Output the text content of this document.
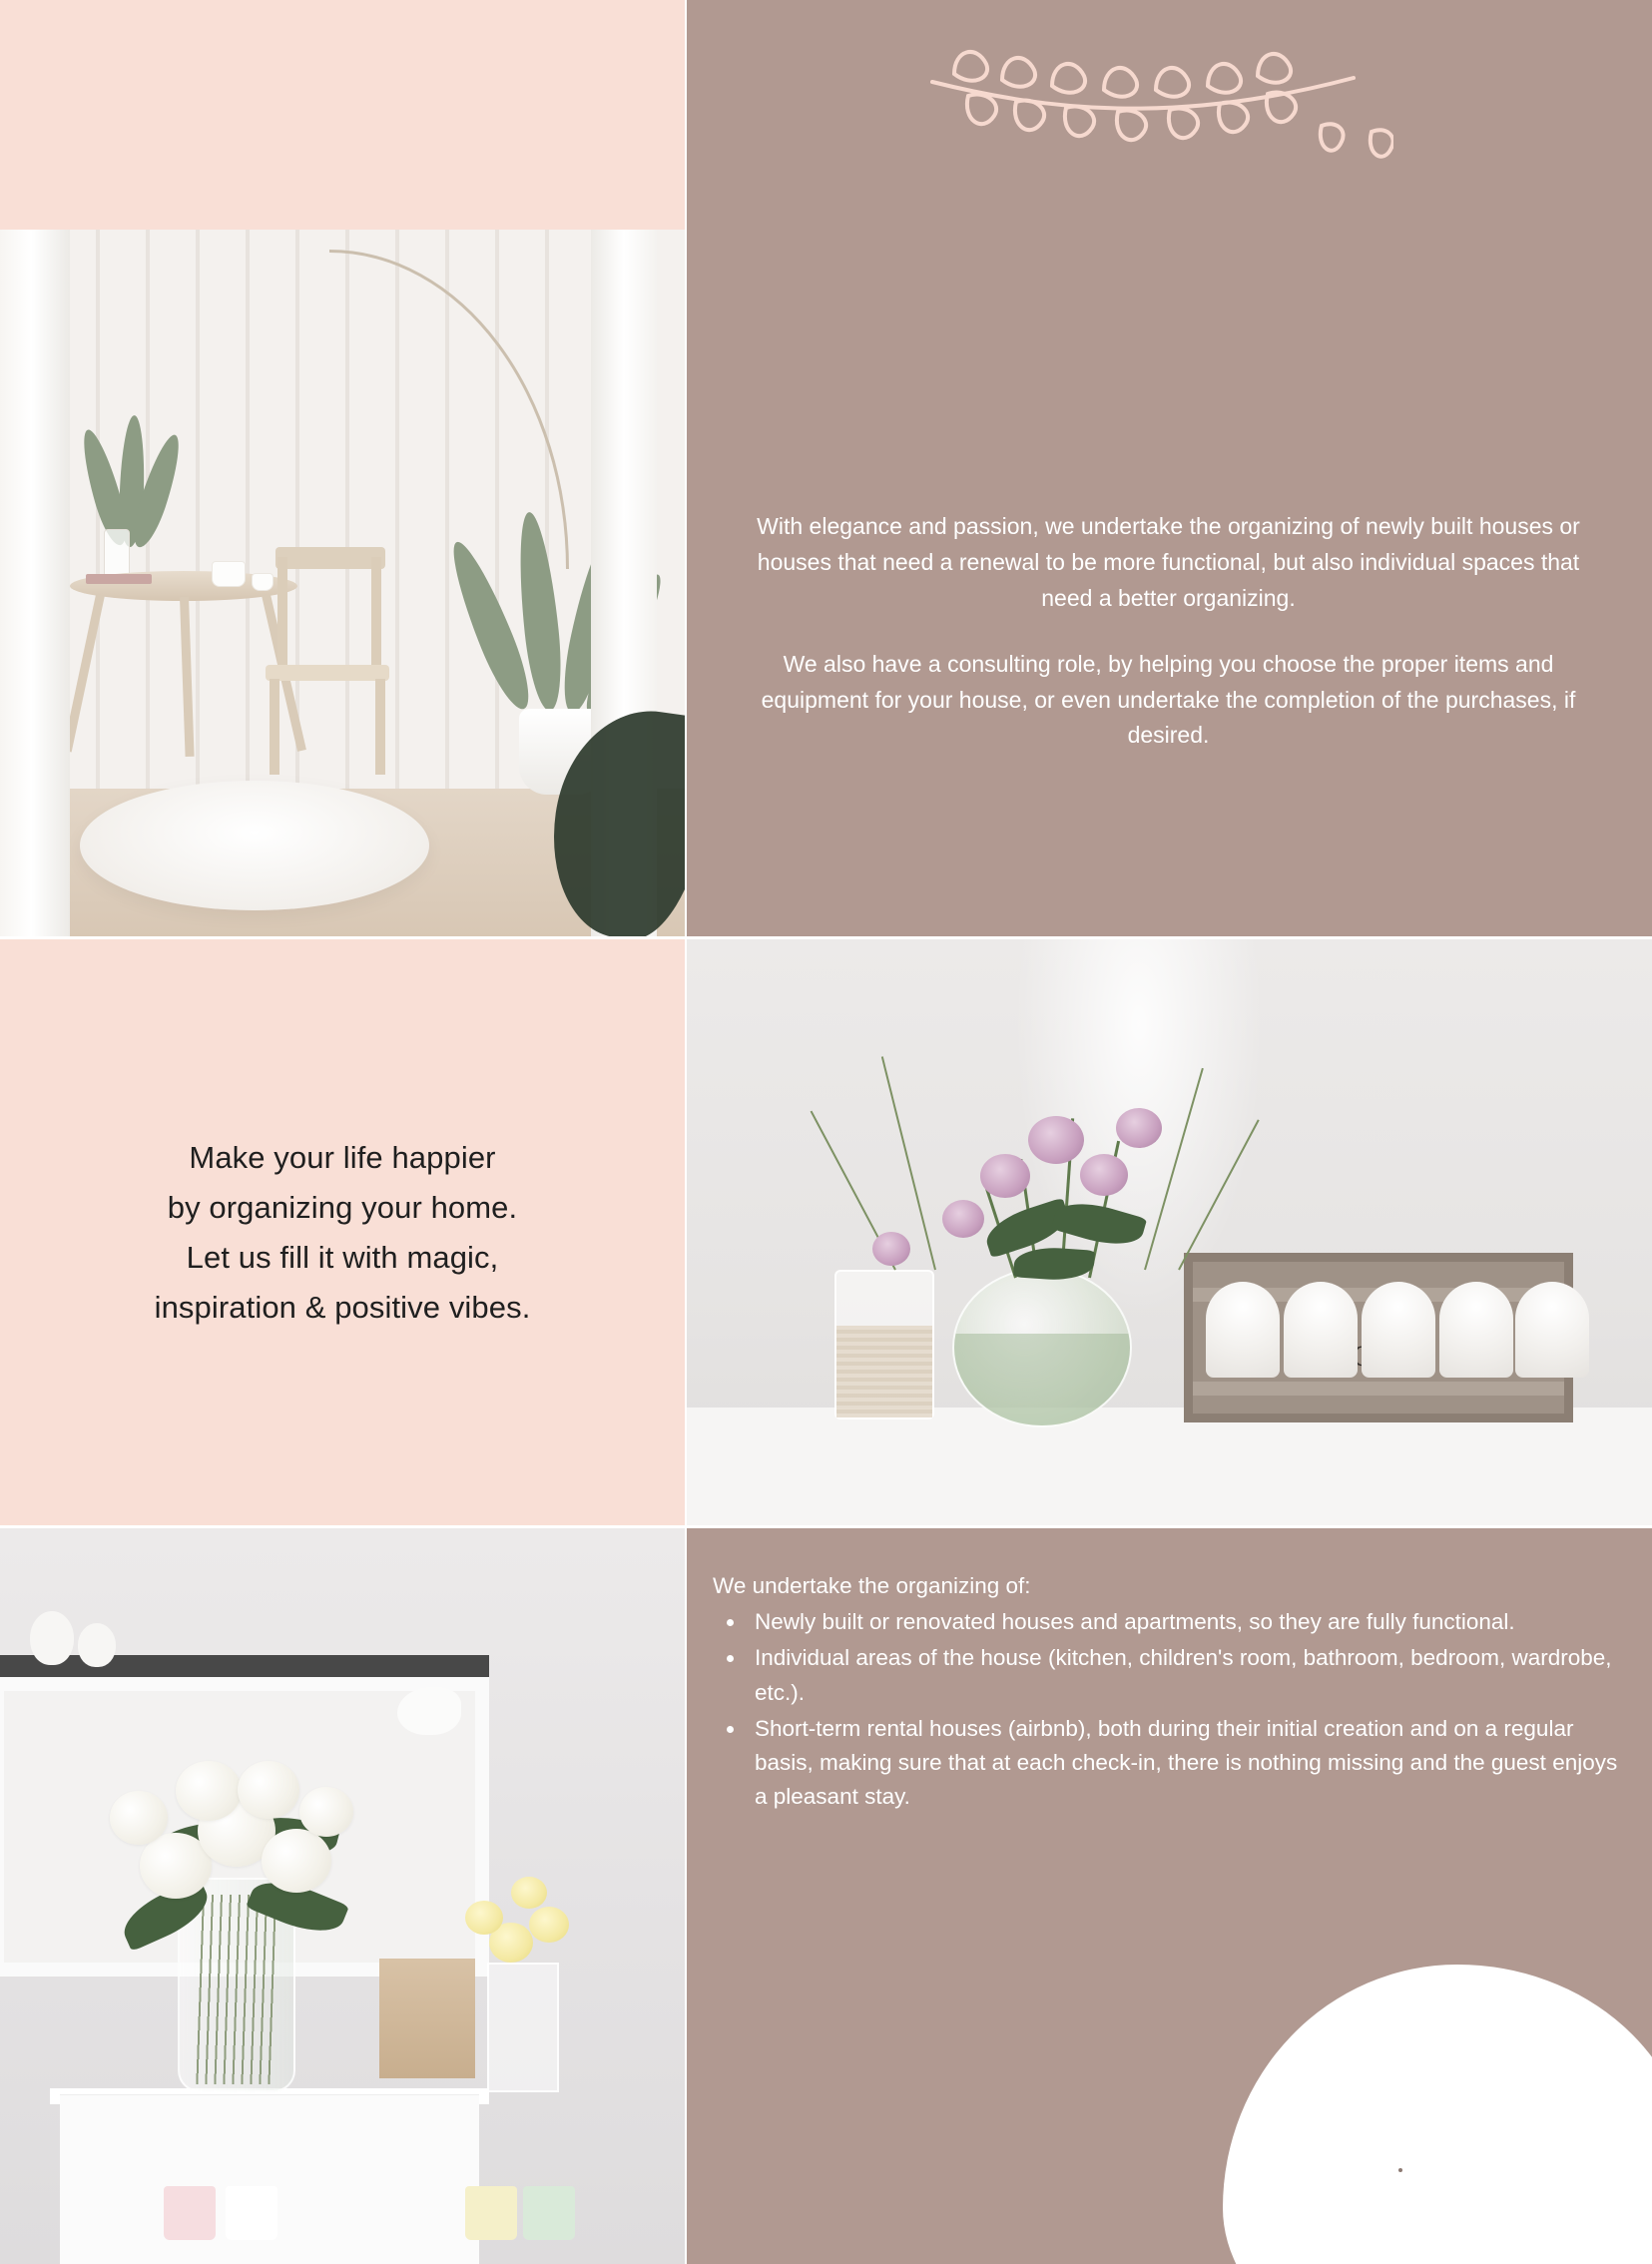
Make your life happier
by organizing your home.
Let us fill it with magic,
inspiration & positive vibes.

With elegance and passion, we undertake the organizing of newly built houses or houses that need a renewal to be more functional, but also individual spaces that need a better organizing.

We also have a consulting role, by helping you choose the proper items and equipment for your house, or even undertake the completion of the purchases, if desired.

We undertake the organizing of:
• Newly built or renovated houses and apartments, so they are fully functional.
• Individual areas of the house (kitchen, children's room, bathroom, bedroom, wardrobe, etc.).
• Short-term rental houses (airbnb), both during their initial creation and on a regular basis, making sure that at each check-in, there is nothing missing and the guest enjoys a pleasant stay.
